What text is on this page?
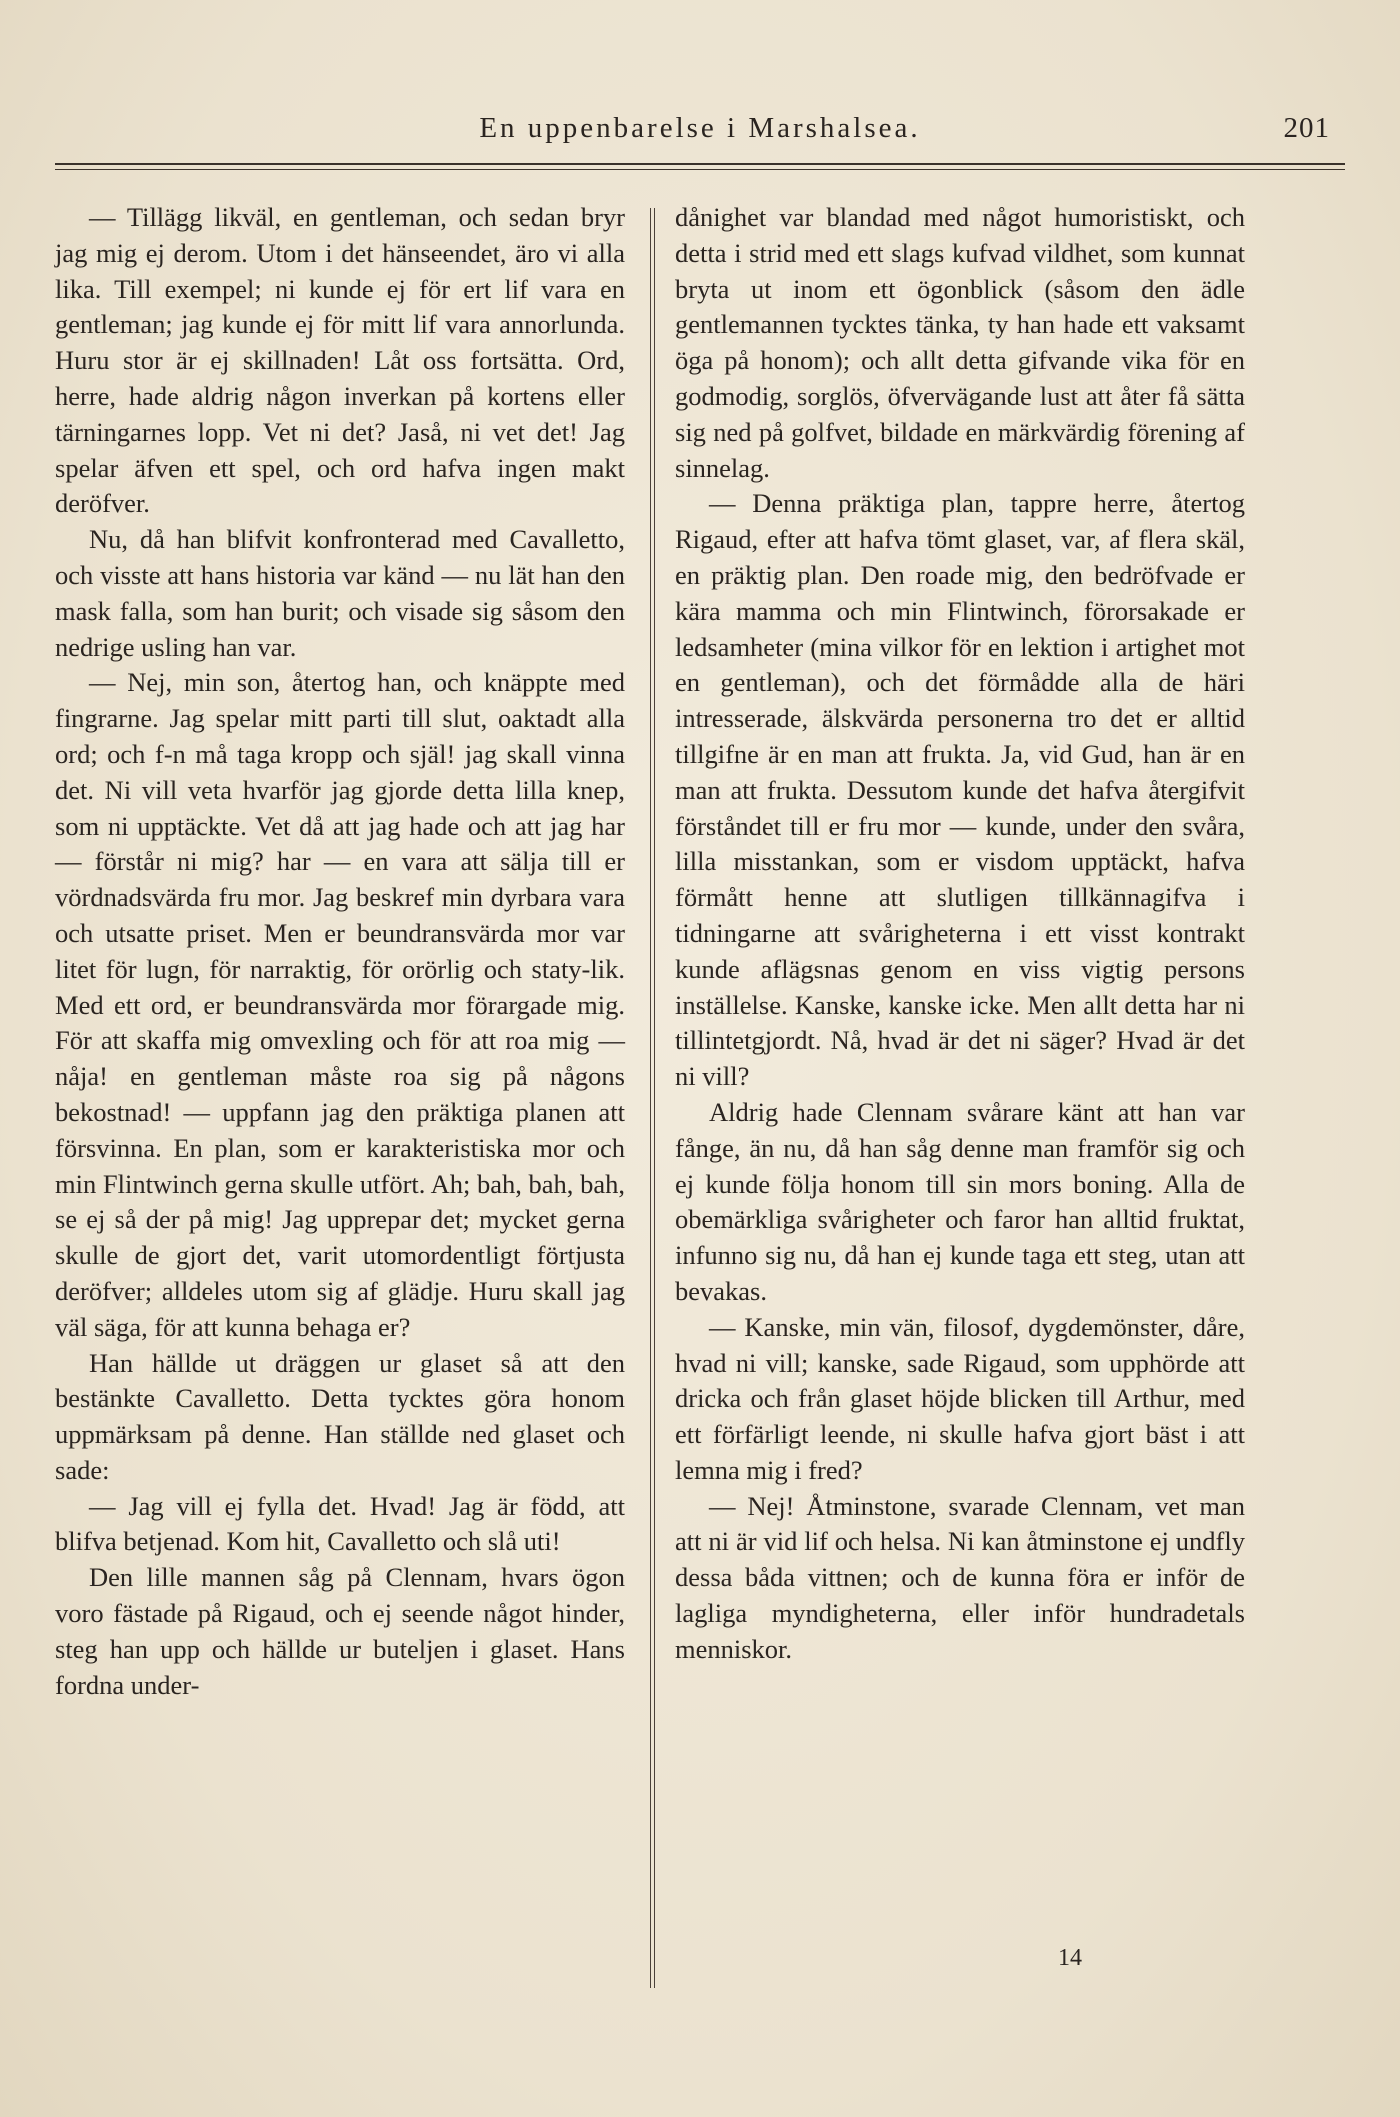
En uppenbarelse i Marshalsea.	201

— Tillägg likväl, en gentleman, och sedan bryr jag mig ej derom. Utom i det hänseendet, äro vi alla lika. Till exempel; ni kunde ej för ert lif vara en gentleman; jag kunde ej för mitt lif vara annorlunda. Huru stor är ej skillnaden! Låt oss fortsätta. Ord, herre, hade aldrig någon inverkan på kortens eller tärningarnes lopp. Vet ni det? Jaså, ni vet det! Jag spelar äfven ett spel, och ord hafva ingen makt deröfver.

Nu, då han blifvit konfronterad med Cavalletto, och visste att hans historia var känd — nu lät han den mask falla, som han burit; och visade sig såsom den nedrige usling han var.

— Nej, min son, återtog han, och knäppte med fingrarne. Jag spelar mitt parti till slut, oaktadt alla ord; och f-n må taga kropp och själ! jag skall vinna det. Ni vill veta hvarför jag gjorde detta lilla knep, som ni upptäckte. Vet då att jag hade och att jag har — förstår ni mig? har — en vara att sälja till er vördnadsvärda fru mor. Jag beskref min dyrbara vara och utsatte priset. Men er beundransvärda mor var litet för lugn, för narraktig, för orörlig och staty-lik. Med ett ord, er beundransvärda mor förargade mig. För att skaffa mig omvexling och för att roa mig — nåja! en gentleman måste roa sig på någons bekostnad! — uppfann jag den präktiga planen att försvinna. En plan, som er karakteristiska mor och min Flintwinch gerna skulle utfört. Ah; bah, bah, bah, se ej så der på mig! Jag upprepar det; mycket gerna skulle de gjort det, varit utomordentligt förtjusta deröfver; alldeles utom sig af glädje. Huru skall jag väl säga, för att kunna behaga er?

Han hällde ut dräggen ur glaset så att den bestänkte Cavalletto. Detta tycktes göra honom uppmärksam på denne. Han ställde ned glaset och sade:

— Jag vill ej fylla det. Hvad! Jag är född, att blifva betjenad. Kom hit, Cavalletto och slå uti!

Den lille mannen såg på Clennam, hvars ögon voro fästade på Rigaud, och ej seende något hinder, steg han upp och hällde ur buteljen i glaset. Hans fordna under-

dånighet var blandad med något humoristiskt, och detta i strid med ett slags kufvad vildhet, som kunnat bryta ut inom ett ögonblick (såsom den ädle gentlemannen tycktes tänka, ty han hade ett vaksamt öga på honom); och allt detta gifvande vika för en godmodig, sorglös, öfvervägande lust att åter få sätta sig ned på golfvet, bildade en märkvärdig förening af sinnelag.

— Denna präktiga plan, tappre herre, återtog Rigaud, efter att hafva tömt glaset, var, af flera skäl, en präktig plan. Den roade mig, den bedröfvade er kära mamma och min Flintwinch, förorsakade er ledsamheter (mina vilkor för en lektion i artighet mot en gentleman), och det förmådde alla de häri intresserade, älskvärda personerna tro det er alltid tillgifne är en man att frukta. Ja, vid Gud, han är en man att frukta. Dessutom kunde det hafva återgifvit förståndet till er fru mor — kunde, under den svåra, lilla misstankan, som er visdom upptäckt, hafva förmått henne att slutligen tillkännagifva i tidningarne att svårigheterna i ett visst kontrakt kunde aflägsnas genom en viss vigtig persons inställelse. Kanske, kanske icke. Men allt detta har ni tillintetgjordt. Nå, hvad är det ni säger? Hvad är det ni vill?

Aldrig hade Clennam svårare känt att han var fånge, än nu, då han såg denne man framför sig och ej kunde följa honom till sin mors boning. Alla de obemärkliga svårigheter och faror han alltid fruktat, infunno sig nu, då han ej kunde taga ett steg, utan att bevakas.

— Kanske, min vän, filosof, dygdemönster, dåre, hvad ni vill; kanske, sade Rigaud, som upphörde att dricka och från glaset höjde blicken till Arthur, med ett förfärligt leende, ni skulle hafva gjort bäst i att lemna mig i fred?

— Nej! Åtminstone, svarade Clennam, vet man att ni är vid lif och helsa. Ni kan åtminstone ej undfly dessa båda vittnen; och de kunna föra er inför de lagliga myndigheterna, eller inför hundradetals menniskor.

14
